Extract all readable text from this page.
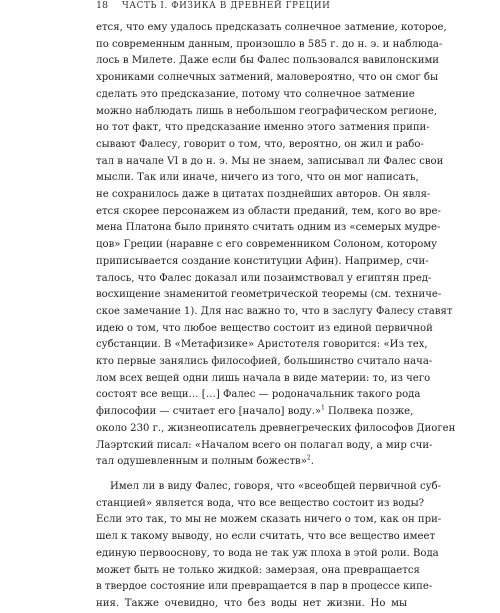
18 ЧАСТЬ I. ФИЗИКА В ДРЕВНЕЙ ГРЕЦИИ
ется, что ему удалось предсказать солнечное затмение, которое,
по современным данным, произошло в 585 г. до н. э. и наблюда-
лось в Милете. Даже если бы Фалес пользовался вавилонскими
хрониками солнечных затмений, маловероятно, что он смог бы
сделать это предсказание, потому что солнечное затмение
можно наблюдать лишь в небольшом географическом регионе,
но тот факт, что предсказание именно этого затмения припи-
сывают Фалесу, говорит о том, что, вероятно, он жил и рабо-
тал в начале VI в до н. э. Мы не знаем, записывал ли Фалес свои
мысли. Так или иначе, ничего из того, что он мог написать,
не сохранилось даже в цитатах позднейших авторов. Он явля-
ется скорее персонажем из области преданий, тем, кого во вре-
мена Платона было принято считать одним из «семерых мудре-
цов» Греции (наравне с его современником Солоном, которому
приписывается создание конституции Афин). Например, счи-
талось, что Фалес доказал или позаимствовал у египтян пред-
восхищение знаменитой геометрической теоремы (см. техниче-
ское замечание 1). Для нас важно то, что в заслугу Фалесу ставят
идею о том, что любое вещество состоит из единой первичной
субстанции. В «Метафизике» Аристотеля говорится: «Из тех,
кто первые занялись философией, большинство считало нача-
лом всех вещей одни лишь начала в виде материи: то, из чего
состоят все вещи… […] Фалес — родоначальник такого рода
философии — считает его [начало] воду.»$^1$ Полвека позже,
около 230 г., жизнеописатель древнегреческих философов Диоген
Лаэртский писал: «Началом всего он полагал воду, а мир счи-
тал одушевленным и полным божеств»$^2$.
Имел ли в виду Фалес, говоря, что «всеобщей первичной суб-
станцией» является вода, что все вещество состоит из воды?
Если это так, то мы не можем сказать ничего о том, как он при-
шел к такому выводу, но если считать, что все вещество имеет
единую первооснову, то вода не так уж плоха в этой роли. Вода
может быть не только жидкой: замерзая, она превращается
в твердое состояние или превращается в пар в процессе кипе-
ния. Также очевидно, что без воды нет жизни. Но мы
